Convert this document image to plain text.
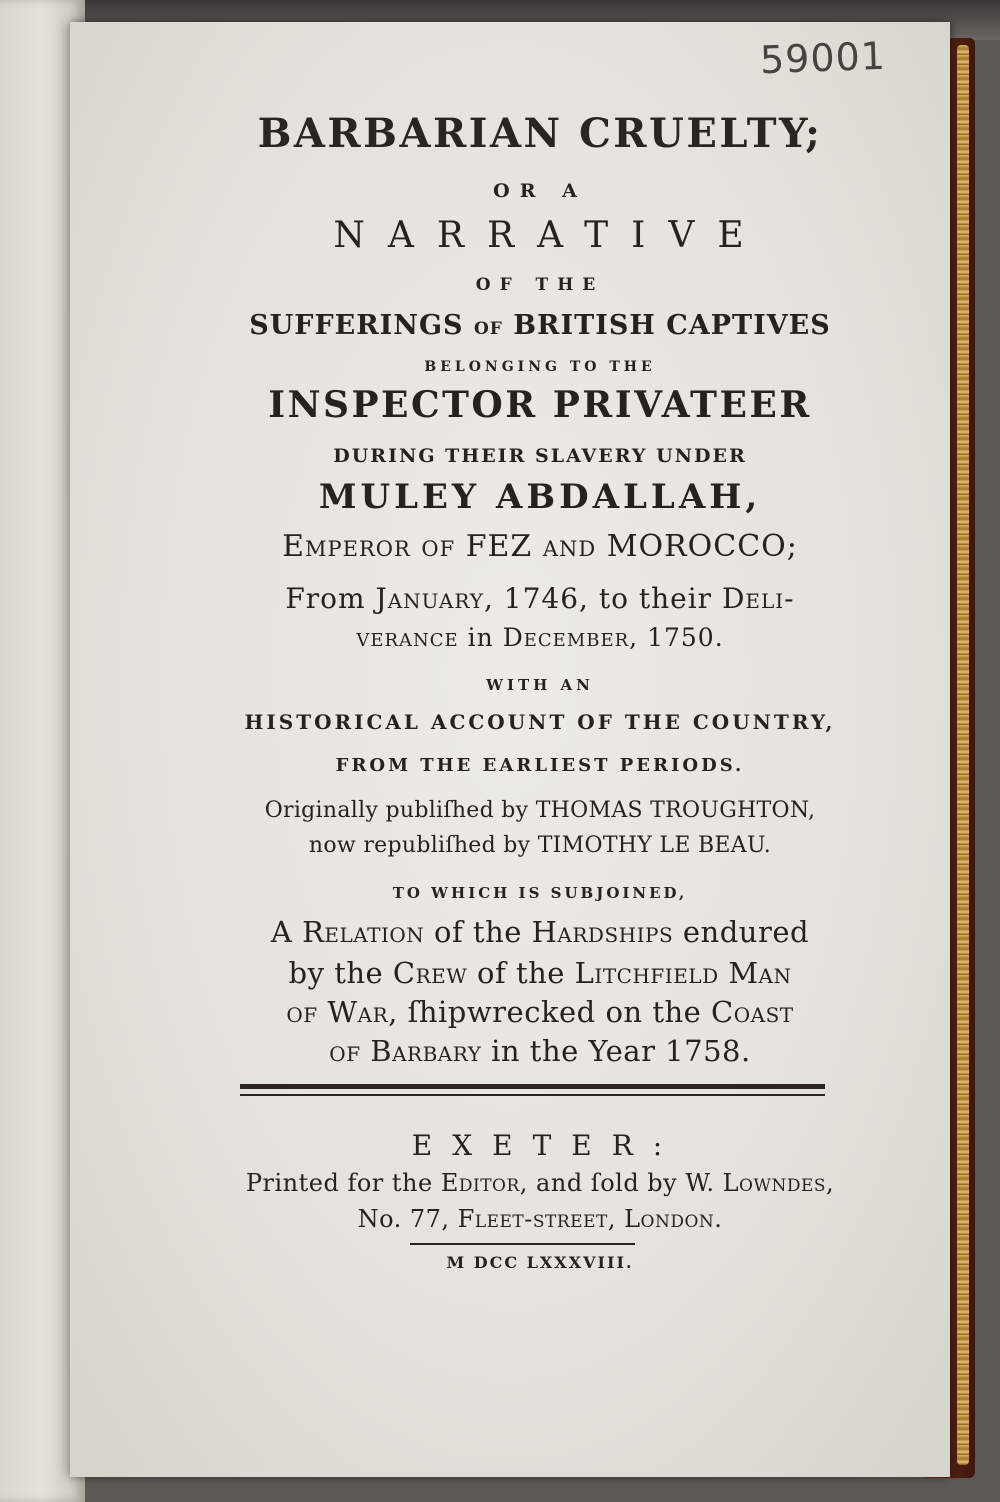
59001
BARBARIAN CRUELTY;
OR A
NARRATIVE
OF THE
SUFFERINGS OF BRITISH CAPTIVES
BELONGING TO THE
INSPECTOR PRIVATEER
DURING THEIR SLAVERY UNDER
MULEY ABDALLAH,
Emperor of FEZ and MOROCCO;
From January, 1746, to their Deli-
verance in December, 1750.
WITH AN
HISTORICAL ACCOUNT OF THE COUNTRY,
FROM THE EARLIEST PERIODS.
Originally publiſhed by THOMAS TROUGHTON,
now republiſhed by TIMOTHY LE BEAU.
TO WHICH IS SUBJOINED,
A Relation of the Hardships endured
by the Crew of the Litchfield Man
of War, ſhipwrecked on the Coast
of Barbary in the Year 1758.
EXETER:
Printed for the Editor, and ſold by W. Lowndes,
No. 77, Fleet-street, London.
M DCC LXXXVIII.
